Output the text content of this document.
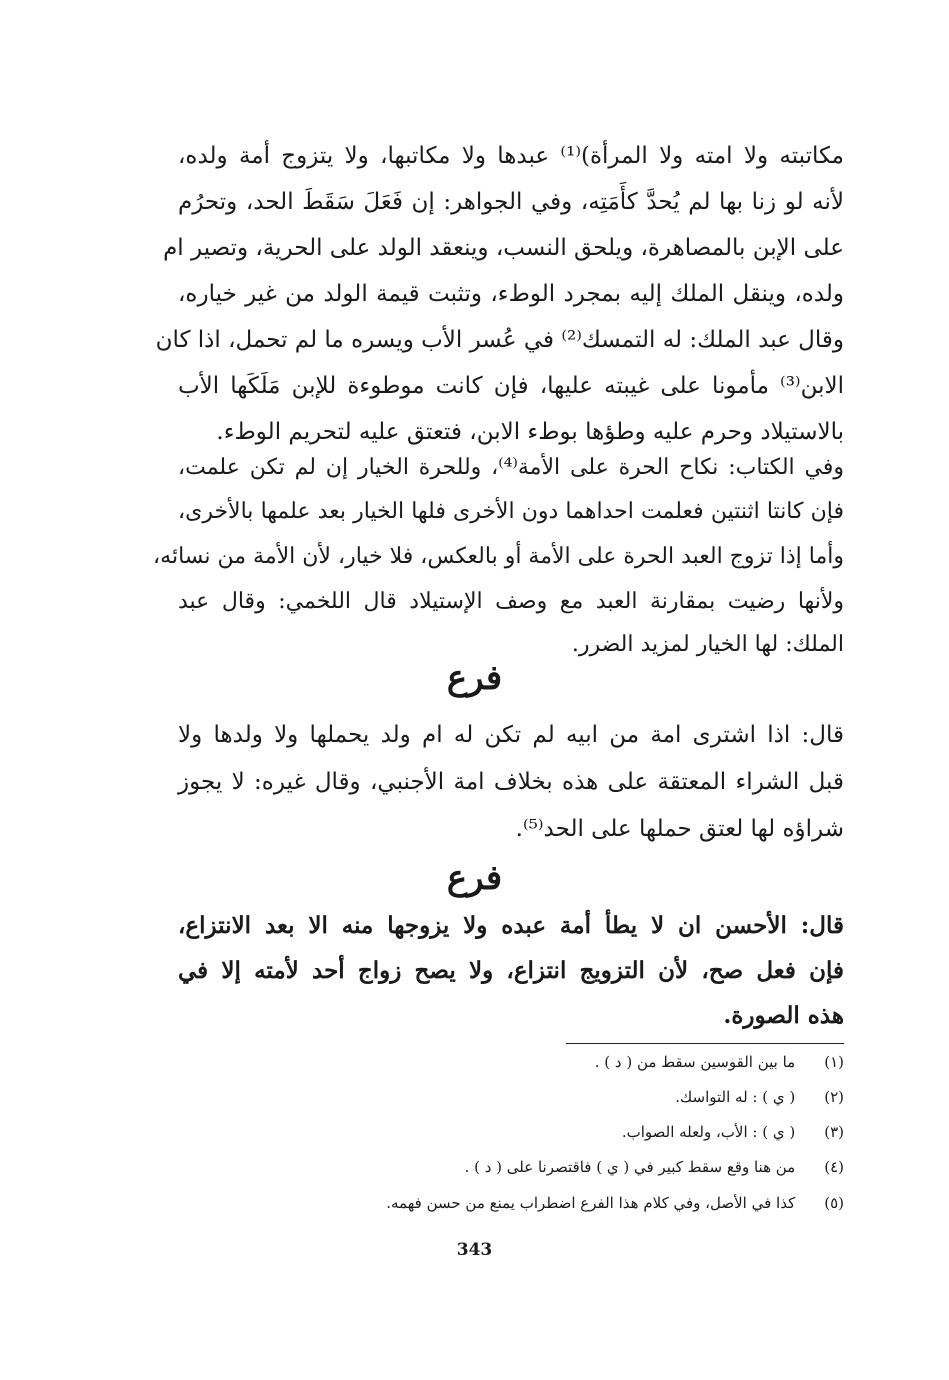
مكاتبته ولا امته ولا المرأة)⁽¹⁾ عبدها ولا مكاتبها، ولا يتزوج أمة ولده،
لأنه لو زنا بها لم يُحدَّ كأَمَتِه، وفي الجواهر: إن فَعَلَ سَقَطَ الحد، وتحرُم
على الإبن بالمصاهرة، ويلحق النسب، وينعقد الولد على الحرية، وتصير ام
ولده، وينقل الملك إليه بمجرد الوطء، وتثبت قيمة الولد من غير خياره،
وقال عبد الملك: له التمسك⁽²⁾ في عُسر الأب ويسره ما لم تحمل، اذا كان
الابن⁽³⁾ مأمونا على غيبته عليها، فإن كانت موطوءة للإبن مَلَكَها الأب
بالاستيلاد وحرم عليه وطؤها بوطء الابن، فتعتق عليه لتحريم الوطء.
وفي الكتاب: نكاح الحرة على الأمة⁽⁴⁾، وللحرة الخيار إن لم تكن علمت،
فإن كانتا اثنتين فعلمت احداهما دون الأخرى فلها الخيار بعد علمها بالأخرى،
وأما إذا تزوج العبد الحرة على الأمة أو بالعكس، فلا خيار، لأن الأمة من نسائه،
ولأنها رضيت بمقارنة العبد مع وصف الإستيلاد قال اللخمي: وقال عبد
الملك: لها الخيار لمزيد الضرر.
فرع
قال: اذا اشترى امة من ابيه لم تكن له ام ولد يحملها ولا ولدها ولا
قبل الشراء المعتقة على هذه بخلاف امة الأجنبي، وقال غيره: لا يجوز
شراؤه لها لعتق حملها على الحد⁽⁵⁾.
فرع
قال: الأحسن ان لا يطأ أمة عبده ولا يزوجها منه الا بعد الانتزاع،
فإن فعل صح، لأن التزويج انتزاع، ولا يصح زواج أحد لأمته إلا في
هذه الصورة.
(١) ما بين القوسين سقط من ( د ) .
(٢) ( ي ) : له التواسك.
(٣) ( ي ) : الأب، ولعله الصواب.
(٤) من هنا وقع سقط كبير في ( ي ) فاقتصرنا على ( د ) .
(٥) كذا في الأصل، وفي كلام هذا الفرع اضطراب يمنع من حسن فهمه.
343
